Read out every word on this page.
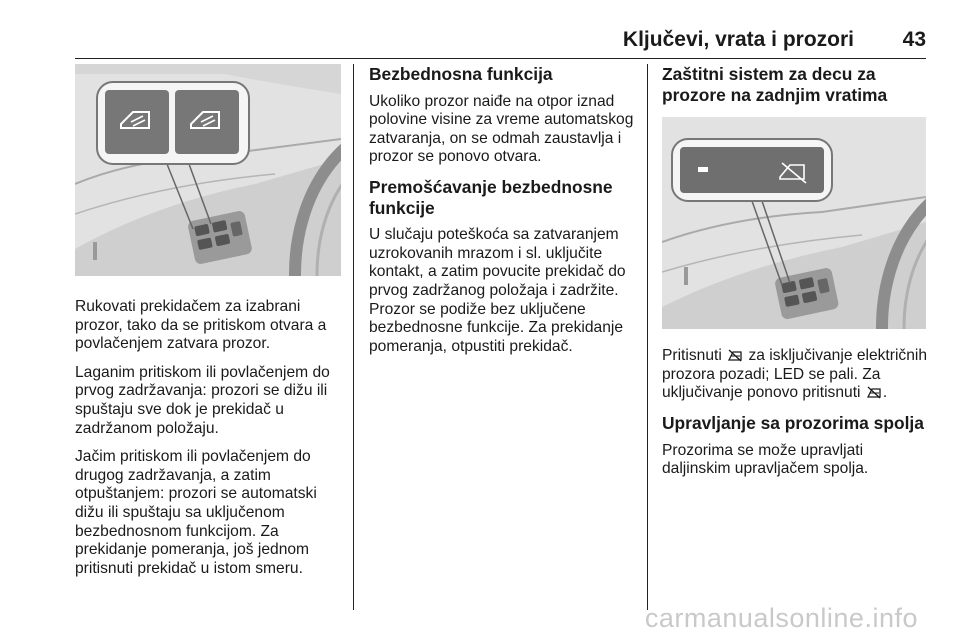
Ključevi, vrata i prozori 43

Rukovati prekidačem za izabrani prozor, tako da se pritiskom otvara a povlačenjem zatvara prozor.

Laganim pritiskom ili povlačenjem do prvog zadržavanja: prozori se dižu ili spuštaju sve dok je prekidač u zadržanom položaju.

Jačim pritiskom ili povlačenjem do drugog zadržavanja, a zatim otpuštanjem: prozori se automatski dižu ili spuštaju sa uključenom bezbednosnom funkcijom. Za prekidanje pomeranja, još jednom pritisnuti prekidač u istom smeru.

Bezbednosna funkcija

Ukoliko prozor naiđe na otpor iznad polovine visine za vreme automatskog zatvaranja, on se odmah zaustavlja i prozor se ponovo otvara.

Premošćavanje bezbednosne funkcije

U slučaju poteškoća sa zatvaranjem uzrokovanih mrazom i sl. uključite kontakt, a zatim povucite prekidač do prvog zadržanog položaja i zadržite. Prozor se podiže bez uključene bezbednosne funkcije. Za prekidanje pomeranja, otpustiti prekidač.

Zaštitni sistem za decu za prozore na zadnjim vratima

Pritisnuti za isključivanje električnih prozora pozadi; LED se pali. Za uključivanje ponovo pritisnuti .

Upravljanje sa prozorima spolja

Prozorima se može upravljati daljinskim upravljačem spolja.

carmanualsonline.info
